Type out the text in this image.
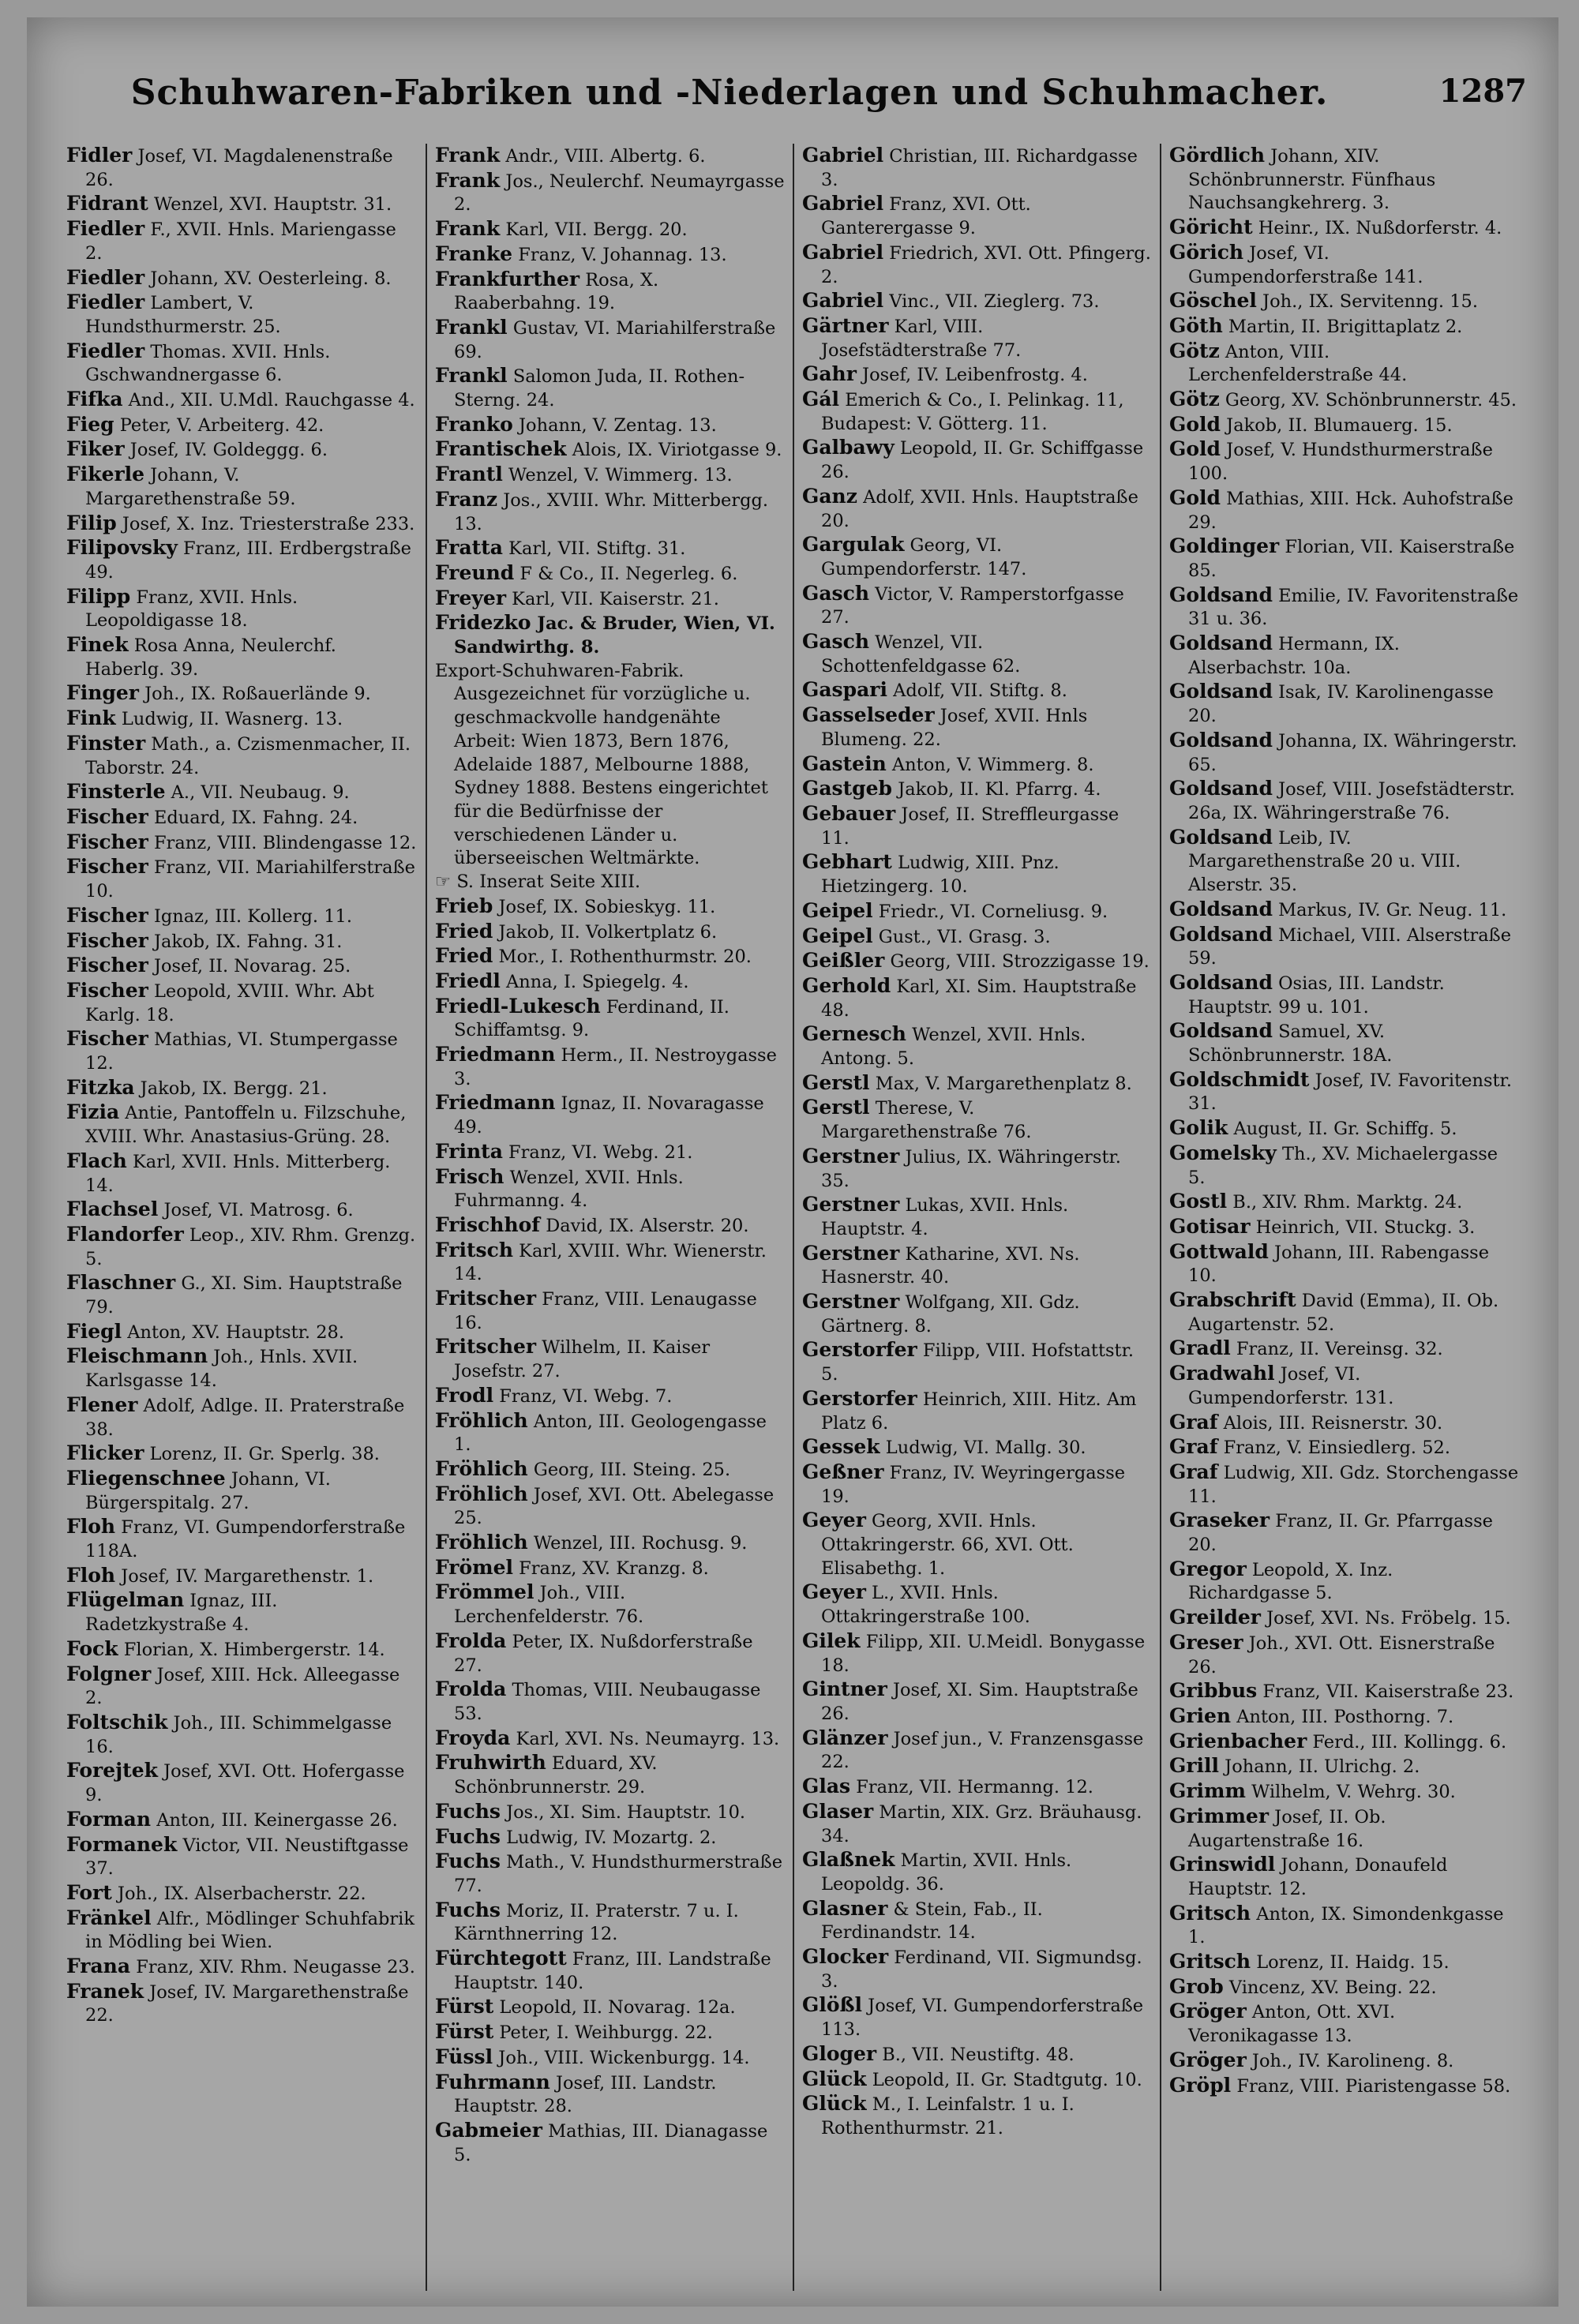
Schuhwaren-Fabriken und -Niederlagen und Schuhmacher.	1287
Fidler Josef, VI. Magdalenenstraße 26.
Fidrant Wenzel, XVI. Hauptstr. 31.
Fiedler F., XVII. Hnls. Mariengasse 2.
Fiedler Johann, XV. Oesterleing. 8.
Fiedler Lambert, V. Hundsthurmerstr. 25.
Fiedler Thomas. XVII. Hnls. Gschwandnergasse 6.
Fifka And., XII. U.Mdl. Rauchgasse 4.
Fieg Peter, V. Arbeiterg. 42.
Fiker Josef, IV. Goldeggg. 6.
Fikerle Johann, V. Margarethenstraße 59.
Filip Josef, X. Inz. Triesterstraße 233.
Filipovsky Franz, III. Erdbergstraße 49.
Filipp Franz, XVII. Hnls. Leopoldigasse 18.
Finek Rosa Anna, Neulerchf. Haberlg. 39.
Finger Joh., IX. Roßauerlände 9.
Fink Ludwig, II. Wasnerg. 13.
Finster Math., a. Czismenmacher, II. Taborstr. 24.
Finsterle A., VII. Neubaug. 9.
Fischer Eduard, IX. Fahng. 24.
Fischer Franz, VIII. Blindengasse 12.
Fischer Franz, VII. Mariahilferstraße 10.
Fischer Ignaz, III. Kollerg. 11.
Fischer Jakob, IX. Fahng. 31.
Fischer Josef, II. Novarag. 25.
Fischer Leopold, XVIII. Whr. Abt Karlg. 18.
Fischer Mathias, VI. Stumpergasse 12.
Fitzka Jakob, IX. Bergg. 21.
Fizia Antie, Pantoffeln u. Filzschuhe, XVIII. Whr. Anastasius-Grüng. 28.
Flach Karl, XVII. Hnls. Mitterberg. 14.
Flachsel Josef, VI. Matrosg. 6.
Flandorfer Leop., XIV. Rhm. Grenzg. 5.
Flaschner G., XI. Sim. Hauptstraße 79.
Fiegl Anton, XV. Hauptstr. 28.
Fleischmann Joh., Hnls. XVII. Karlsgasse 14.
Flener Adolf, Adlge. II. Praterstraße 38.
Flicker Lorenz, II. Gr. Sperlg. 38.
Fliegenschnee Johann, VI. Bürgerspitalg. 27.
Floh Franz, VI. Gumpendorferstraße 118A.
Floh Josef, IV. Margarethenstr. 1.
Flügelman Ignaz, III. Radetzkystraße 4.
Fock Florian, X. Himbergerstr. 14.
Folgner Josef, XIII. Hck. Alleegasse 2.
Foltschik Joh., III. Schimmelgasse 16.
Forejtek Josef, XVI. Ott. Hofergasse 9.
Forman Anton, III. Keinergasse 26.
Formanek Victor, VII. Neustiftgasse 37.
Fort Joh., IX. Alserbacherstr. 22.
Fränkel Alfr., Mödlinger Schuhfabrik in Mödling bei Wien.
Frana Franz, XIV. Rhm. Neugasse 23.
Franek Josef, IV. Margarethenstraße 22.
Frank Andr., VIII. Albertg. 6.
Frank Jos., Neulerchf. Neumayrgasse 2.
Frank Karl, VII. Bergg. 20.
Franke Franz, V. Johannag. 13.
Frankfurther Rosa, X. Raaberbahng. 19.
Frankl Gustav, VI. Mariahilferstraße 69.
Frankl Salomon Juda, II. Rothen-Sterng. 24.
Franko Johann, V. Zentag. 13.
Frantischek Alois, IX. Viriotgasse 9.
Frantl Wenzel, V. Wimmerg. 13.
Franz Jos., XVIII. Whr. Mitterbergg. 13.
Fratta Karl, VII. Stiftg. 31.
Freund F & Co., II. Negerleg. 6.
Freyer Karl, VII. Kaiserstr. 21.
Fridezko Jac. & Bruder, Wien, VI. Sandwirthg. 8.
Export-Schuhwaren-Fabrik. Ausgezeichnet für vorzügliche u. geschmackvolle handgenähte Arbeit: Wien 1873, Bern 1876, Adelaide 1887, Melbourne 1888, Sydney 1888. Bestens eingerichtet für die Bedürfnisse der verschiedenen Länder u. überseeischen Weltmärkte.
☞ S. Inserat Seite XIII.
Frieb Josef, IX. Sobieskyg. 11.
Fried Jakob, II. Volkertplatz 6.
Fried Mor., I. Rothenthurmstr. 20.
Friedl Anna, I. Spiegelg. 4.
Friedl-Lukesch Ferdinand, II. Schiffamtsg. 9.
Friedmann Herm., II. Nestroygasse 3.
Friedmann Ignaz, II. Novaragasse 49.
Frinta Franz, VI. Webg. 21.
Frisch Wenzel, XVII. Hnls. Fuhrmanng. 4.
Frischhof David, IX. Alserstr. 20.
Fritsch Karl, XVIII. Whr. Wienerstr. 14.
Fritscher Franz, VIII. Lenaugasse 16.
Fritscher Wilhelm, II. Kaiser Josefstr. 27.
Frodl Franz, VI. Webg. 7.
Fröhlich Anton, III. Geologengasse 1.
Fröhlich Georg, III. Steing. 25.
Fröhlich Josef, XVI. Ott. Abelegasse 25.
Fröhlich Wenzel, III. Rochusg. 9.
Frömel Franz, XV. Kranzg. 8.
Frömmel Joh., VIII. Lerchenfelderstr. 76.
Frolda Peter, IX. Nußdorferstraße 27.
Frolda Thomas, VIII. Neubaugasse 53.
Froyda Karl, XVI. Ns. Neumayrg. 13.
Fruhwirth Eduard, XV. Schönbrunnerstr. 29.
Fuchs Jos., XI. Sim. Hauptstr. 10.
Fuchs Ludwig, IV. Mozartg. 2.
Fuchs Math., V. Hundsthurmerstraße 77.
Fuchs Moriz, II. Praterstr. 7 u. I. Kärnthnerring 12.
Fürchtegott Franz, III. Landstraße Hauptstr. 140.
Fürst Leopold, II. Novarag. 12a.
Fürst Peter, I. Weihburgg. 22.
Füssl Joh., VIII. Wickenburgg. 14.
Fuhrmann Josef, III. Landstr. Hauptstr. 28.
Gabmeier Mathias, III. Dianagasse 5.
Gabriel Christian, III. Richardgasse 3.
Gabriel Franz, XVI. Ott. Ganterergasse 9.
Gabriel Friedrich, XVI. Ott. Pfingerg. 2.
Gabriel Vinc., VII. Zieglerg. 73.
Gärtner Karl, VIII. Josefstädterstraße 77.
Gahr Josef, IV. Leibenfrostg. 4.
Gál Emerich & Co., I. Pelinkag. 11, Budapest: V. Götterg. 11.
Galbawy Leopold, II. Gr. Schiffgasse 26.
Ganz Adolf, XVII. Hnls. Hauptstraße 20.
Gargulak Georg, VI. Gumpendorferstr. 147.
Gasch Victor, V. Ramperstorfgasse 27.
Gasch Wenzel, VII. Schottenfeldgasse 62.
Gaspari Adolf, VII. Stiftg. 8.
Gasselseder Josef, XVII. Hnls Blumeng. 22.
Gastein Anton, V. Wimmerg. 8.
Gastgeb Jakob, II. Kl. Pfarrg. 4.
Gebauer Josef, II. Streffleurgasse 11.
Gebhart Ludwig, XIII. Pnz. Hietzingerg. 10.
Geipel Friedr., VI. Corneliusg. 9.
Geipel Gust., VI. Grasg. 3.
Geißler Georg, VIII. Strozzigasse 19.
Gerhold Karl, XI. Sim. Hauptstraße 48.
Gernesch Wenzel, XVII. Hnls. Antong. 5.
Gerstl Max, V. Margarethenplatz 8.
Gerstl Therese, V. Margarethenstraße 76.
Gerstner Julius, IX. Währingerstr. 35.
Gerstner Lukas, XVII. Hnls. Hauptstr. 4.
Gerstner Katharine, XVI. Ns. Hasnerstr. 40.
Gerstner Wolfgang, XII. Gdz. Gärtnerg. 8.
Gerstorfer Filipp, VIII. Hofstattstr. 5.
Gerstorfer Heinrich, XIII. Hitz. Am Platz 6.
Gessek Ludwig, VI. Mallg. 30.
Geßner Franz, IV. Weyringergasse 19.
Geyer Georg, XVII. Hnls. Ottakringerstr. 66, XVI. Ott. Elisabethg. 1.
Geyer L., XVII. Hnls. Ottakringerstraße 100.
Gilek Filipp, XII. U.Meidl. Bonygasse 18.
Gintner Josef, XI. Sim. Hauptstraße 26.
Glänzer Josef jun., V. Franzensgasse 22.
Glas Franz, VII. Hermanng. 12.
Glaser Martin, XIX. Grz. Bräuhausg. 34.
Glaßnek Martin, XVII. Hnls. Leopoldg. 36.
Glasner & Stein, Fab., II. Ferdinandstr. 14.
Glocker Ferdinand, VII. Sigmundsg. 3.
Glößl Josef, VI. Gumpendorferstraße 113.
Gloger B., VII. Neustiftg. 48.
Glück Leopold, II. Gr. Stadtgutg. 10.
Glück M., I. Leinfalstr. 1 u. I. Rothenthurmstr. 21.
Gördlich Johann, XIV. Schönbrunnerstr. Fünfhaus Nauchsangkehrerg. 3.
Göricht Heinr., IX. Nußdorferstr. 4.
Görich Josef, VI. Gumpendorferstraße 141.
Göschel Joh., IX. Servitenng. 15.
Göth Martin, II. Brigittaplatz 2.
Götz Anton, VIII. Lerchenfelderstraße 44.
Götz Georg, XV. Schönbrunnerstr. 45.
Gold Jakob, II. Blumauerg. 15.
Gold Josef, V. Hundsthurmerstraße 100.
Gold Mathias, XIII. Hck. Auhofstraße 29.
Goldinger Florian, VII. Kaiserstraße 85.
Goldsand Emilie, IV. Favoritenstraße 31 u. 36.
Goldsand Hermann, IX. Alserbachstr. 10a.
Goldsand Isak, IV. Karolinengasse 20.
Goldsand Johanna, IX. Währingerstr. 65.
Goldsand Josef, VIII. Josefstädterstr. 26a, IX. Währingerstraße 76.
Goldsand Leib, IV. Margarethenstraße 20 u. VIII. Alserstr. 35.
Goldsand Markus, IV. Gr. Neug. 11.
Goldsand Michael, VIII. Alserstraße 59.
Goldsand Osias, III. Landstr. Hauptstr. 99 u. 101.
Goldsand Samuel, XV. Schönbrunnerstr. 18A.
Goldschmidt Josef, IV. Favoritenstr. 31.
Golik August, II. Gr. Schiffg. 5.
Gomelsky Th., XV. Michaelergasse 5.
Gostl B., XIV. Rhm. Marktg. 24.
Gotisar Heinrich, VII. Stuckg. 3.
Gottwald Johann, III. Rabengasse 10.
Grabschrift David (Emma), II. Ob. Augartenstr. 52.
Gradl Franz, II. Vereinsg. 32.
Gradwahl Josef, VI. Gumpendorferstr. 131.
Graf Alois, III. Reisnerstr. 30.
Graf Franz, V. Einsiedlerg. 52.
Graf Ludwig, XII. Gdz. Storchengasse 11.
Graseker Franz, II. Gr. Pfarrgasse 20.
Gregor Leopold, X. Inz. Richardgasse 5.
Greilder Josef, XVI. Ns. Fröbelg. 15.
Greser Joh., XVI. Ott. Eisnerstraße 26.
Gribbus Franz, VII. Kaiserstraße 23.
Grien Anton, III. Posthorng. 7.
Grienbacher Ferd., III. Kollingg. 6.
Grill Johann, II. Ulrichg. 2.
Grimm Wilhelm, V. Wehrg. 30.
Grimmer Josef, II. Ob. Augartenstraße 16.
Grinswidl Johann, Donaufeld Hauptstr. 12.
Gritsch Anton, IX. Simondenkgasse 1.
Gritsch Lorenz, II. Haidg. 15.
Grob Vincenz, XV. Being. 22.
Gröger Anton, Ott. XVI. Veronikagasse 13.
Gröger Joh., IV. Karolineng. 8.
Gröpl Franz, VIII. Piaristengasse 58.
